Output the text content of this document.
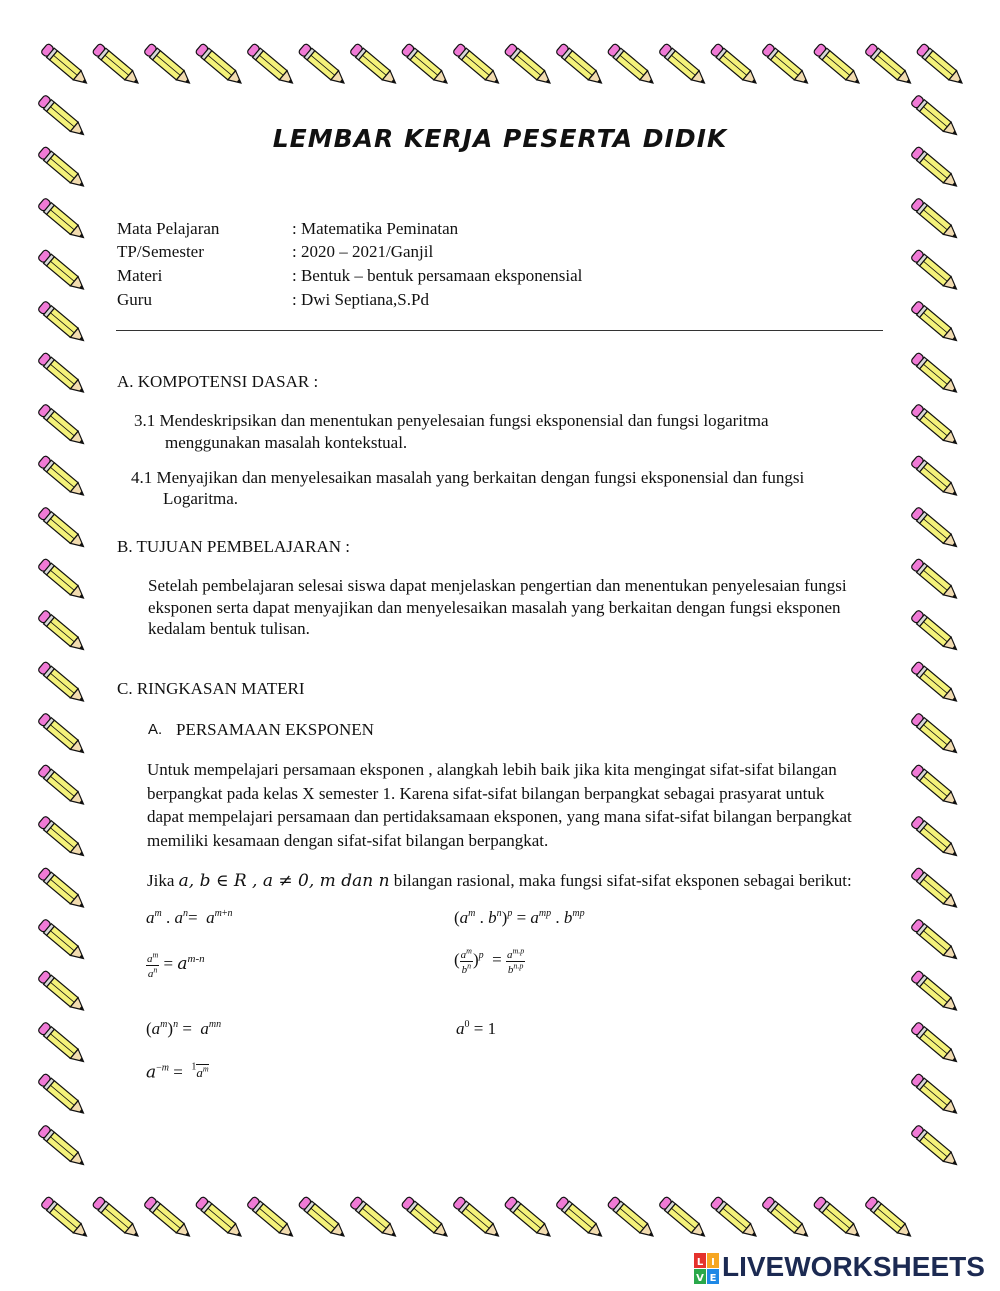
LEMBAR KERJA PESERTA DIDIK
Mata Pelajaran	: Matematika Peminatan
TP/Semester	: 2020 – 2021/Ganjil
Materi	: Bentuk – bentuk persamaan eksponensial
Guru	: Dwi Septiana,S.Pd
A. KOMPOTENSI DASAR :
3.1 Mendeskripsikan dan menentukan penyelesaian fungsi eksponensial dan fungsi logaritma
menggunakan masalah kontekstual.
4.1 Menyajikan dan menyelesaikan masalah yang berkaitan dengan fungsi eksponensial dan fungsi
Logaritma.
B. TUJUAN PEMBELAJARAN :
Setelah pembelajaran selesai siswa dapat menjelaskan pengertian dan menentukan penyelesaian fungsi
eksponen serta dapat menyajikan dan menyelesaikan masalah yang berkaitan dengan fungsi eksponen
kedalam bentuk tulisan.
C. RINGKASAN MATERI
A. PERSAMAAN EKSPONEN
Untuk mempelajari persamaan eksponen , alangkah lebih baik jika kita mengingat sifat-sifat bilangan
berpangkat pada kelas X semester 1. Karena sifat-sifat bilangan berpangkat sebagai prasyarat untuk
dapat mempelajari persamaan dan pertidaksamaan eksponen, yang mana sifat-sifat bilangan berpangkat
memiliki kesamaan dengan sifat-sifat bilangan berpangkat.
Jika a, b ∈ R , a ≠ 0, m dan n bilangan rasional, maka fungsi sifat-sifat eksponen sebagai berikut:
$a^m$ . $a^n= a^{m+n}$	($a^m$ . $b^n)^p = a^{mp}$ . $b^{mp}$
$\frac{a^m}{a^n} = a^{m-n}$	( $\frac{a^m}{b^n} )^p = \frac{a^{m.p}}{b^{n.p}}$
$(a^m)^n = a^{mn}$	$a^0 = 1$
$a^{-m} = ^1a^m$
L I
V E LIVEWORKSHEETS
